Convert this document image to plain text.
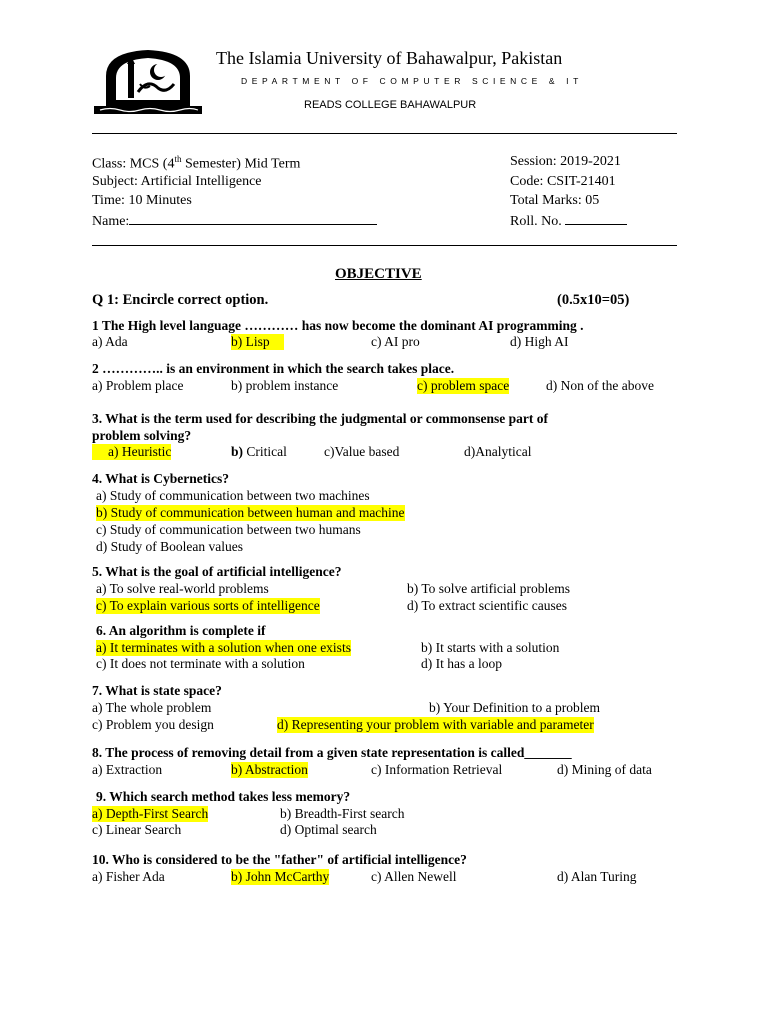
The Islamia University of Bahawalpur, Pakistan
DEPARTMENT OF COMPUTER SCIENCE & IT
READS COLLEGE BAHAWALPUR
Class: MCS (4th Semester) Mid Term
Subject: Artificial Intelligence
Time: 10 Minutes
Name:
Session: 2019-2021
Code: CSIT-21401
Total Marks: 05
Roll. No.
OBJECTIVE
Q 1: Encircle correct option.	(0.5x10=05)
1 The High level language ………… has now become the dominant AI programming .
a) Ada	b) Lisp	c) AI pro	d) High AI
2 ………….. is an environment in which the search takes place.
a) Problem place	b) problem instance	c) problem space	d) Non of the above
3. What is the term used for describing the judgmental or commonsense part of
problem solving?
a) Heuristic	b) Critical	c)Value based	d)Analytical
4. What is Cybernetics?
a) Study of communication between two machines
b) Study of communication between human and machine
c) Study of communication between two humans
d) Study of Boolean values
5. What is the goal of artificial intelligence?
a) To solve real-world problems	b) To solve artificial problems
c) To explain various sorts of intelligence	d) To extract scientific causes
6. An algorithm is complete if
a) It terminates with a solution when one exists	b) It starts with a solution
c) It does not terminate with a solution	d) It has a loop
7. What is state space?
a) The whole problem	b) Your Definition to a problem
c) Problem you design	d) Representing your problem with variable and parameter
8. The process of removing detail from a given state representation is called_______
a) Extraction	b) Abstraction	c) Information Retrieval	d) Mining of data
9. Which search method takes less memory?
a) Depth-First Search	b) Breadth-First search
c) Linear Search	d) Optimal search
10. Who is considered to be the "father" of artificial intelligence?
a) Fisher Ada	b) John McCarthy	c) Allen Newell	d) Alan Turing
